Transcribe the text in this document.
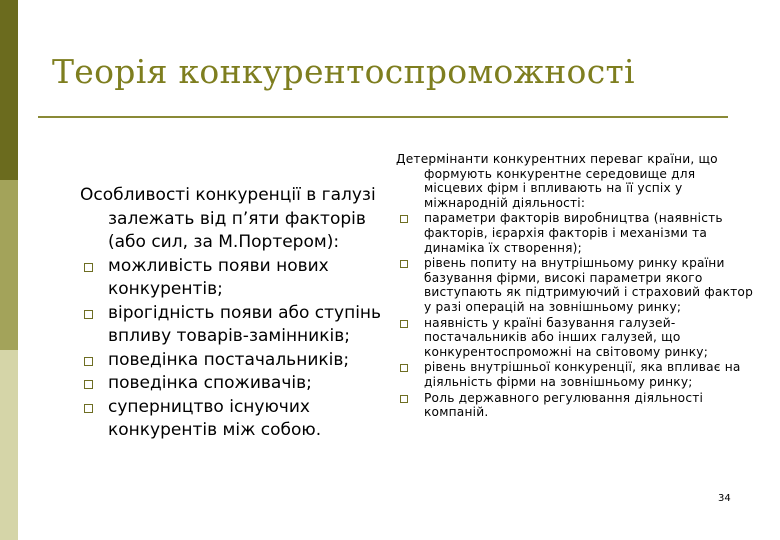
Теорія конкурентоспроможності

Особливості конкуренції в галузі залежать від п’яти факторів (або сил, за М.Портером):

можливість появи нових конкурентів;
вірогідність появи або ступінь впливу товарів-замінників;
поведінка постачальників;
поведінка споживачів;
суперництво існуючих конкурентів між собою.

Детермінанти конкурентних переваг країни, що формують конкурентне середовище для місцевих фірм і впливають на її успіх у міжнародній діяльності:

параметри факторів виробництва (наявність факторів, ієрархія факторів і механізми та динаміка їх створення);
рівень попиту на внутрішньому ринку країни базування фірми, високі параметри якого виступають як підтримуючий і страховий фактор у разі операцій на зовнішньому ринку;
наявність у країні базування галузей-постачальників або інших галузей, що конкурентоспроможні на світовому ринку;
рівень внутрішньої конкуренції, яка впливає на діяльність фірми на зовнішньому ринку;
Роль державного регулювання діяльності компаній.
34
